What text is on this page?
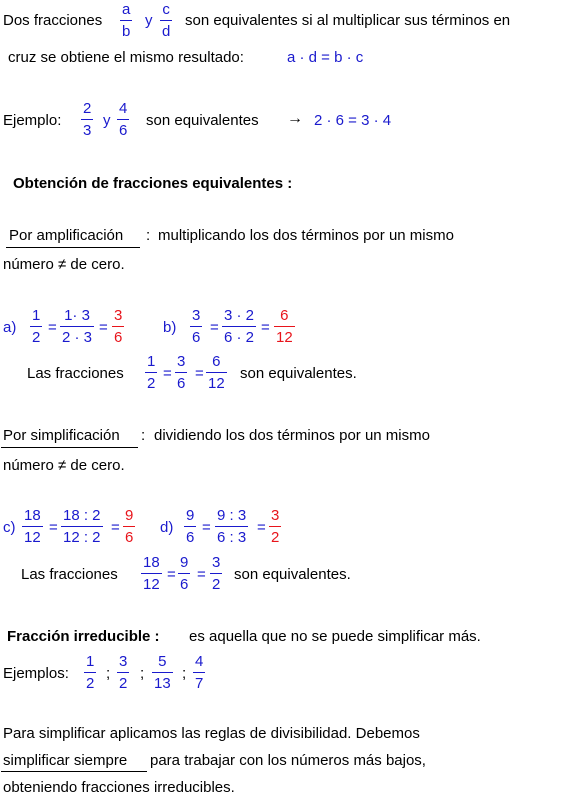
Dos fracciones
a
b
y
c
d
son equivalentes si al multiplicar sus términos en
cruz se obtiene el mismo resultado:	a · d = b · c
Ejemplo:
2
3
y
4
6
son equivalentes → 2 · 6 = 3 · 4
Obtención de fracciones equivalentes :
Por amplificación : multiplicando los dos términos por un mismo
número ≠ de cero.
a)
1
2
=
1· 3
2 · 3
=
3
6
b)
3
6
=
3 · 2
6 · 2
=
6
12
Las fracciones
1
2
=
3
6
=
6
12
son equivalentes.
Por simplificación : dividiendo los dos términos por un mismo
número ≠ de cero.
c)
18
12
=
18 : 2
12 : 2
=
9
6
d)
9
6
=
9 : 3
6 : 3
=
3
2
Las fracciones
18
12
=
9
6
=
3
2
son equivalentes.
Fracción irreducible : es aquella que no se puede simplificar más.
Ejemplos:
1
2
;
3
2
;
5
13
;
4
7
Para simplificar aplicamos las reglas de divisibilidad. Debemos
simplificar siempre para trabajar con los números más bajos,
obteniendo fracciones irreducibles.
